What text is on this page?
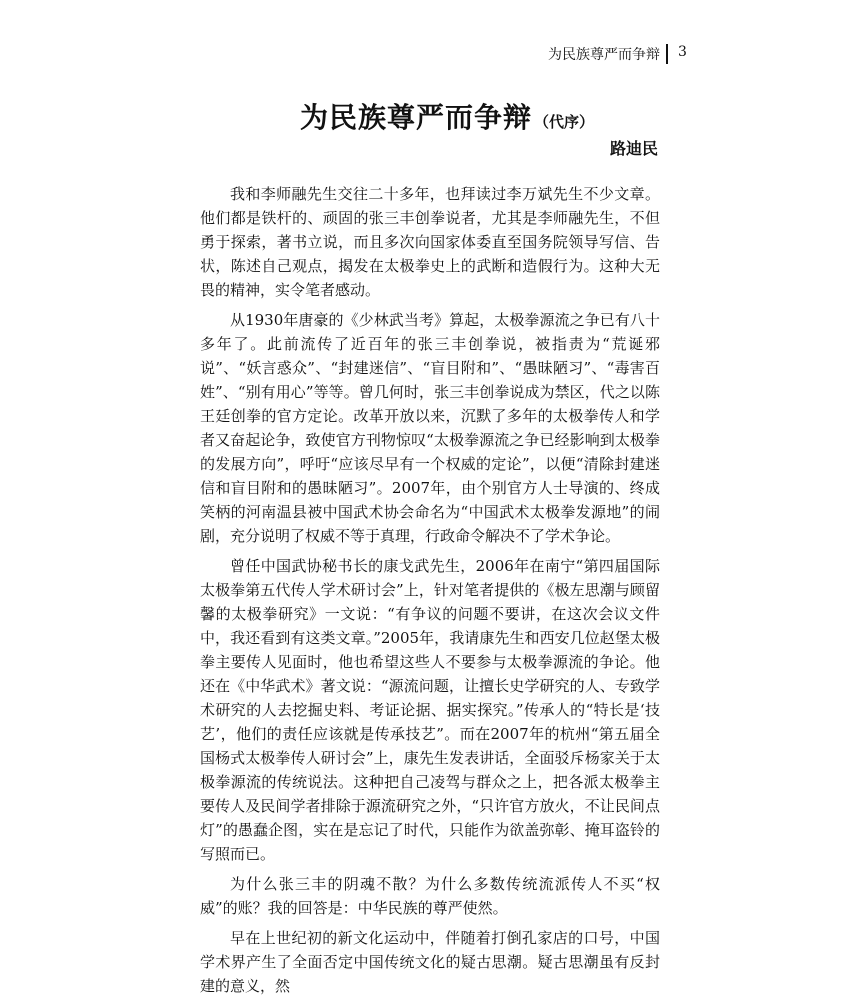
为民族尊严而争辩 3
为民族尊严而争辩 （代序）
路迪民

我和李师融先生交往二十多年，也拜读过李万斌先生不少文章。他们都是铁杆的、顽固的张三丰创拳说者，尤其是李师融先生，不但勇于探索，著书立说，而且多次向国家体委直至国务院领导写信、告状，陈述自己观点，揭发在太极拳史上的武断和造假行为。这种大无畏的精神，实令笔者感动。

从1930年唐豪的《少林武当考》算起，太极拳源流之争已有八十多年了。此前流传了近百年的张三丰创拳说，被指责为“荒诞邪说”、“妖言惑众”、“封建迷信”、“盲目附和”、“愚昧陋习”、“毒害百姓”、“别有用心”等等。曾几何时，张三丰创拳说成为禁区，代之以陈王廷创拳的官方定论。改革开放以来，沉默了多年的太极拳传人和学者又奋起论争，致使官方刊物惊叹“太极拳源流之争已经影响到太极拳的发展方向”，呼吁“应该尽早有一个权威的定论”，以便“清除封建迷信和盲目附和的愚昧陋习”。2007年，由个别官方人士导演的、终成笑柄的河南温县被中国武术协会命名为“中国武术太极拳发源地”的闹剧，充分说明了权威不等于真理，行政命令解决不了学术争论。

曾任中国武协秘书长的康戈武先生，2006年在南宁“第四届国际太极拳第五代传人学术研讨会”上，针对笔者提供的《极左思潮与顾留馨的太极拳研究》一文说：“有争议的问题不要讲，在这次会议文件中，我还看到有这类文章。”2005年，我请康先生和西安几位赵堡太极拳主要传人见面时，他也希望这些人不要参与太极拳源流的争论。他还在《中华武术》著文说：“源流问题，让擅长史学研究的人、专致学术研究的人去挖掘史料、考证论据、据实探究。”传承人的“特长是‘技艺’，他们的责任应该就是传承技艺”。而在2007年的杭州“第五届全国杨式太极拳传人研讨会”上，康先生发表讲话，全面驳斥杨家关于太极拳源流的传统说法。这种把自己凌驾与群众之上，把各派太极拳主要传人及民间学者排除于源流研究之外，“只许官方放火，不让民间点灯”的愚蠢企图，实在是忘记了时代，只能作为欲盖弥彰、掩耳盗铃的写照而已。

为什么张三丰的阴魂不散？为什么多数传统流派传人不买“权威”的账？我的回答是：中华民族的尊严使然。

早在上世纪初的新文化运动中，伴随着打倒孔家店的口号，中国学术界产生了全面否定中国传统文化的疑古思潮。疑古思潮虽有反封建的意义，然
